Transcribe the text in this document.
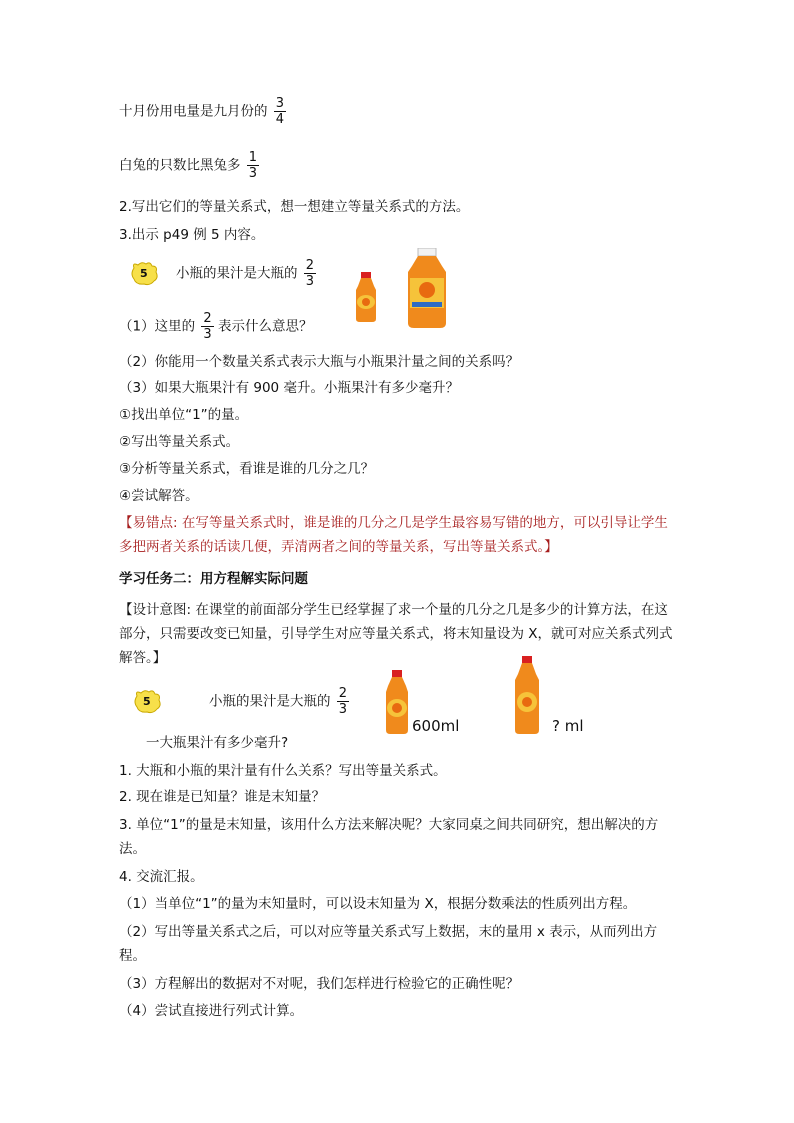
十月份用电量是九月份的 $\frac{3}{4}$
白兔的只数比黑兔多 $\frac{1}{3}$
2.写出它们的等量关系式，想一想建立等量关系式的方法。
3.出示 p49 例 5 内容。
5 小瓶的果汁是大瓶的 $\frac{2}{3}$
（1）这里的 $\frac{2}{3}$ 表示什么意思？
（2）你能用一个数量关系式表示大瓶与小瓶果汁量之间的关系吗？
（3）如果大瓶果汁有 900 毫升。小瓶果汁有多少毫升？
①找出单位“1”的量。
②写出等量关系式。
③分析等量关系式，看谁是谁的几分之几？
④尝试解答。
【易错点: 在写等量关系式时，谁是谁的几分之几是学生最容易写错的地方，可以引导让学生多把两者关系的话读几便，弄清两者之间的等量关系，写出等量关系式。】
学习任务二：用方程解实际问题
【设计意图: 在课堂的前面部分学生已经掌握了求一个量的几分之几是多少的计算方法，在这部分，只需要改变已知量，引导学生对应等量关系式，将末知量设为 X，就可对应关系式列式解答。】
5	小瓶的果汁是大瓶的 $\frac{2}{3}$
600ml	? ml
一大瓶果汁有多少毫升?
1. 大瓶和小瓶的果汁量有什么关系？写出等量关系式。
2. 现在谁是已知量？谁是末知量？
3. 单位“1”的量是末知量，该用什么方法来解决呢？大家同桌之间共同研究，想出解决的方法。
4. 交流汇报。
（1）当单位“1”的量为末知量时，可以设末知量为 X，根据分数乘法的性质列出方程。
（2）写出等量关系式之后，可以对应等量关系式写上数据，末的量用 x 表示，从而列出方程。
（3）方程解出的数据对不对呢，我们怎样进行检验它的正确性呢？
（4）尝试直接进行列式计算。
